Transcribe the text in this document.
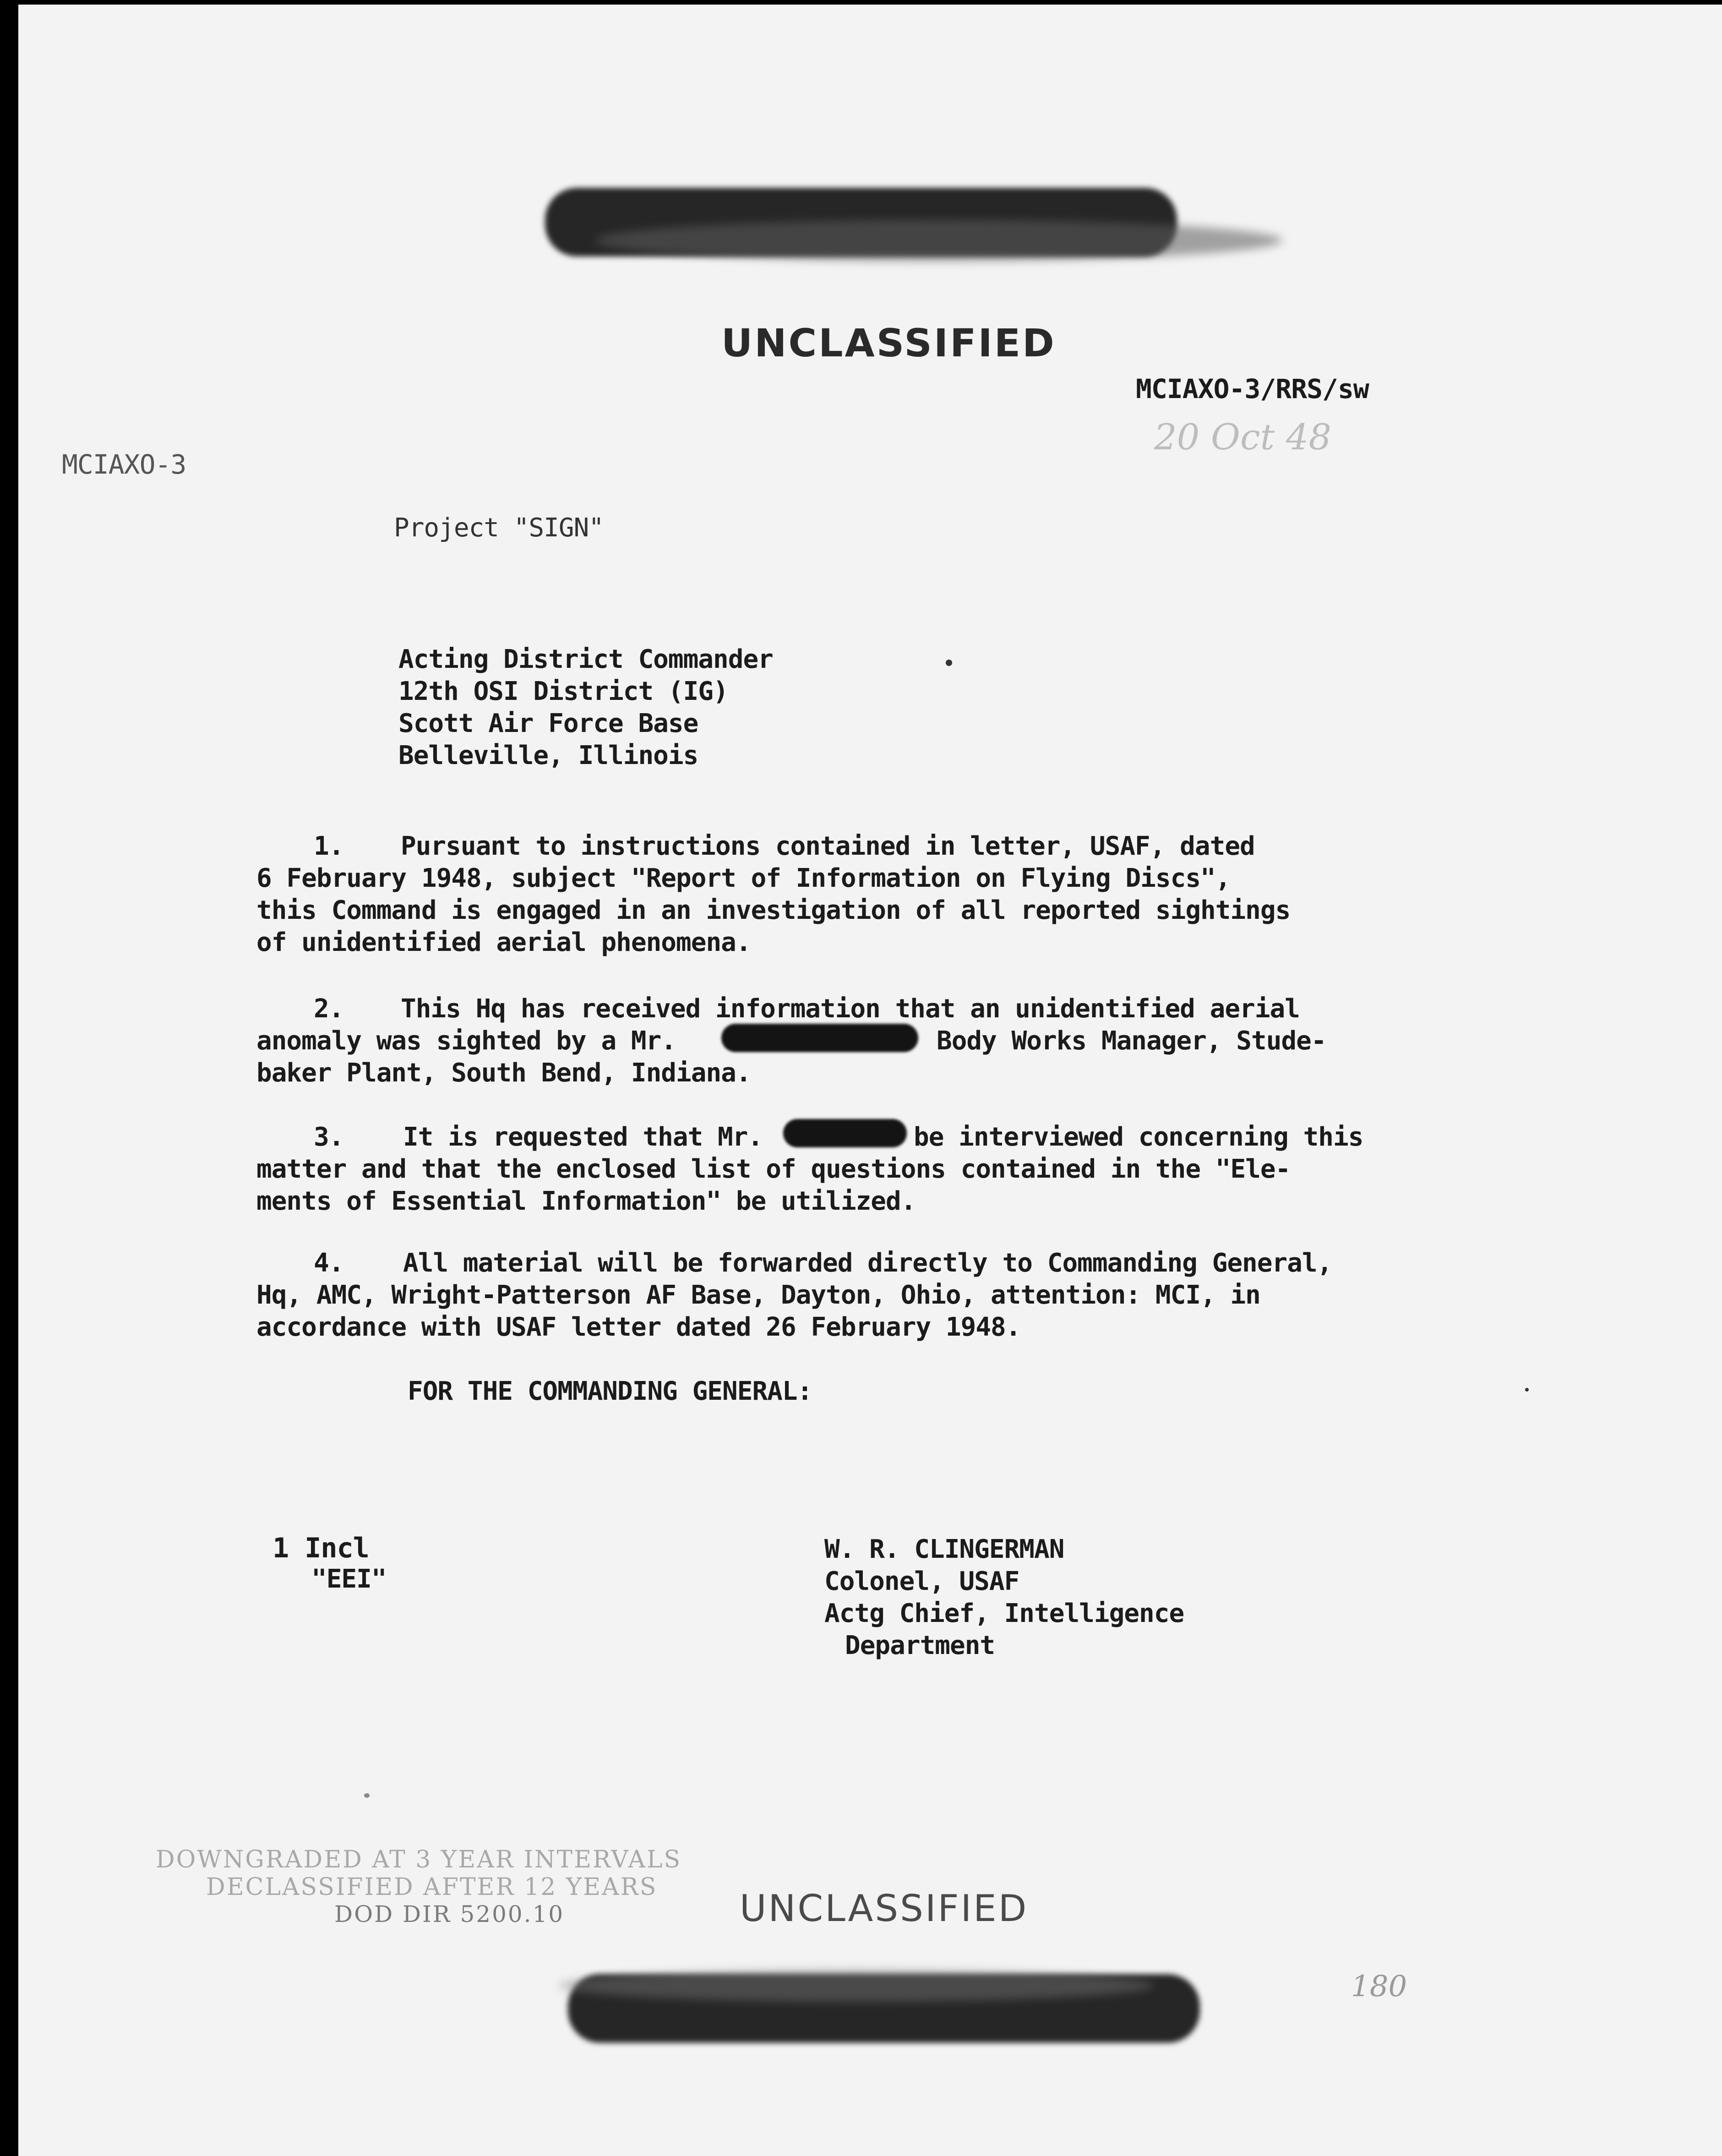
UNCLASSIFIED
MCIAXO-3/RRS/sw
20 Oct 48
MCIAXO-3
Project "SIGN"
Acting District Commander
12th OSI District (IG)
Scott Air Force Base
Belleville, Illinois
1. Pursuant to instructions contained in letter, USAF, dated
6 February 1948, subject "Report of Information on Flying Discs",
this Command is engaged in an investigation of all reported sightings
of unidentified aerial phenomena.
2. This Hq has received information that an unidentified aerial
anomaly was sighted by a Mr.	Body Works Manager, Stude-
baker Plant, South Bend, Indiana.
3. It is requested that Mr.	be interviewed concerning this
matter and that the enclosed list of questions contained in the "Ele-
ments of Essential Information" be utilized.
4. All material will be forwarded directly to Commanding General,
Hq, AMC, Wright-Patterson AF Base, Dayton, Ohio, attention: MCI, in
accordance with USAF letter dated 26 February 1948.
FOR THE COMMANDING GENERAL:
1 Incl
"EEI"
W. R. CLINGERMAN
Colonel, USAF
Actg Chief, Intelligence
Department
DOWNGRADED AT 3 YEAR INTERVALS
DECLASSIFIED AFTER 12 YEARS
DOD DIR 5200.10	UNCLASSIFIED
180
